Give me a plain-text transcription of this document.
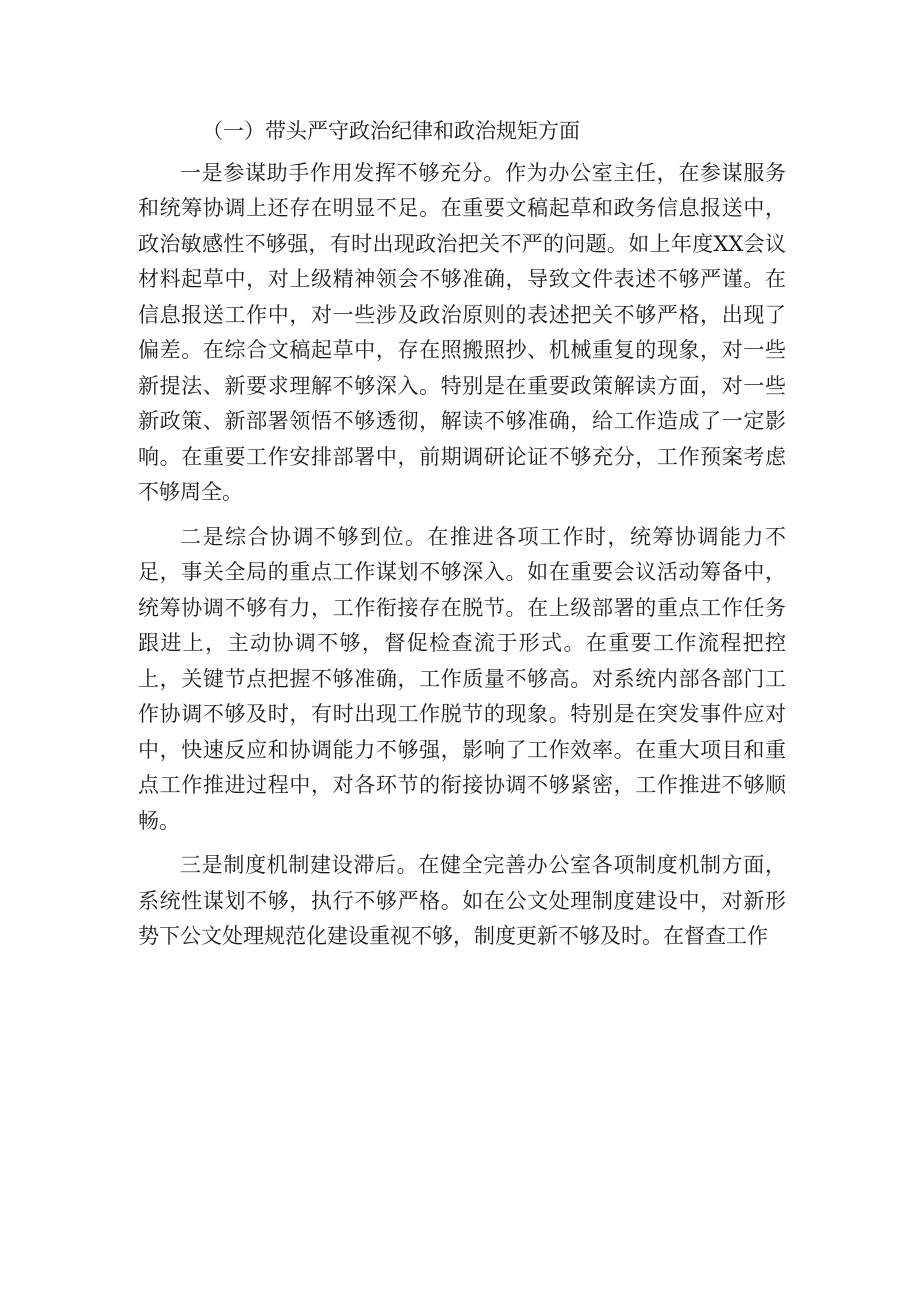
（一）带头严守政治纪律和政治规矩方面

一是参谋助手作用发挥不够充分。作为办公室主任，在参谋服务和统筹协调上还存在明显不足。在重要文稿起草和政务信息报送中，政治敏感性不够强，有时出现政治把关不严的问题。如上年度XX会议材料起草中，对上级精神领会不够准确，导致文件表述不够严谨。在信息报送工作中，对一些涉及政治原则的表述把关不够严格，出现了偏差。在综合文稿起草中，存在照搬照抄、机械重复的现象，对一些新提法、新要求理解不够深入。特别是在重要政策解读方面，对一些新政策、新部署领悟不够透彻，解读不够准确，给工作造成了一定影响。在重要工作安排部署中，前期调研论证不够充分，工作预案考虑不够周全。

二是综合协调不够到位。在推进各项工作时，统筹协调能力不足，事关全局的重点工作谋划不够深入。如在重要会议活动筹备中，统筹协调不够有力，工作衔接存在脱节。在上级部署的重点工作任务跟进上，主动协调不够，督促检查流于形式。在重要工作流程把控上，关键节点把握不够准确，工作质量不够高。对系统内部各部门工作协调不够及时，有时出现工作脱节的现象。特别是在突发事件应对中，快速反应和协调能力不够强，影响了工作效率。在重大项目和重点工作推进过程中，对各环节的衔接协调不够紧密，工作推进不够顺畅。

三是制度机制建设滞后。在健全完善办公室各项制度机制方面，系统性谋划不够，执行不够严格。如在公文处理制度建设中，对新形势下公文处理规范化建设重视不够，制度更新不够及时。在督查工作
